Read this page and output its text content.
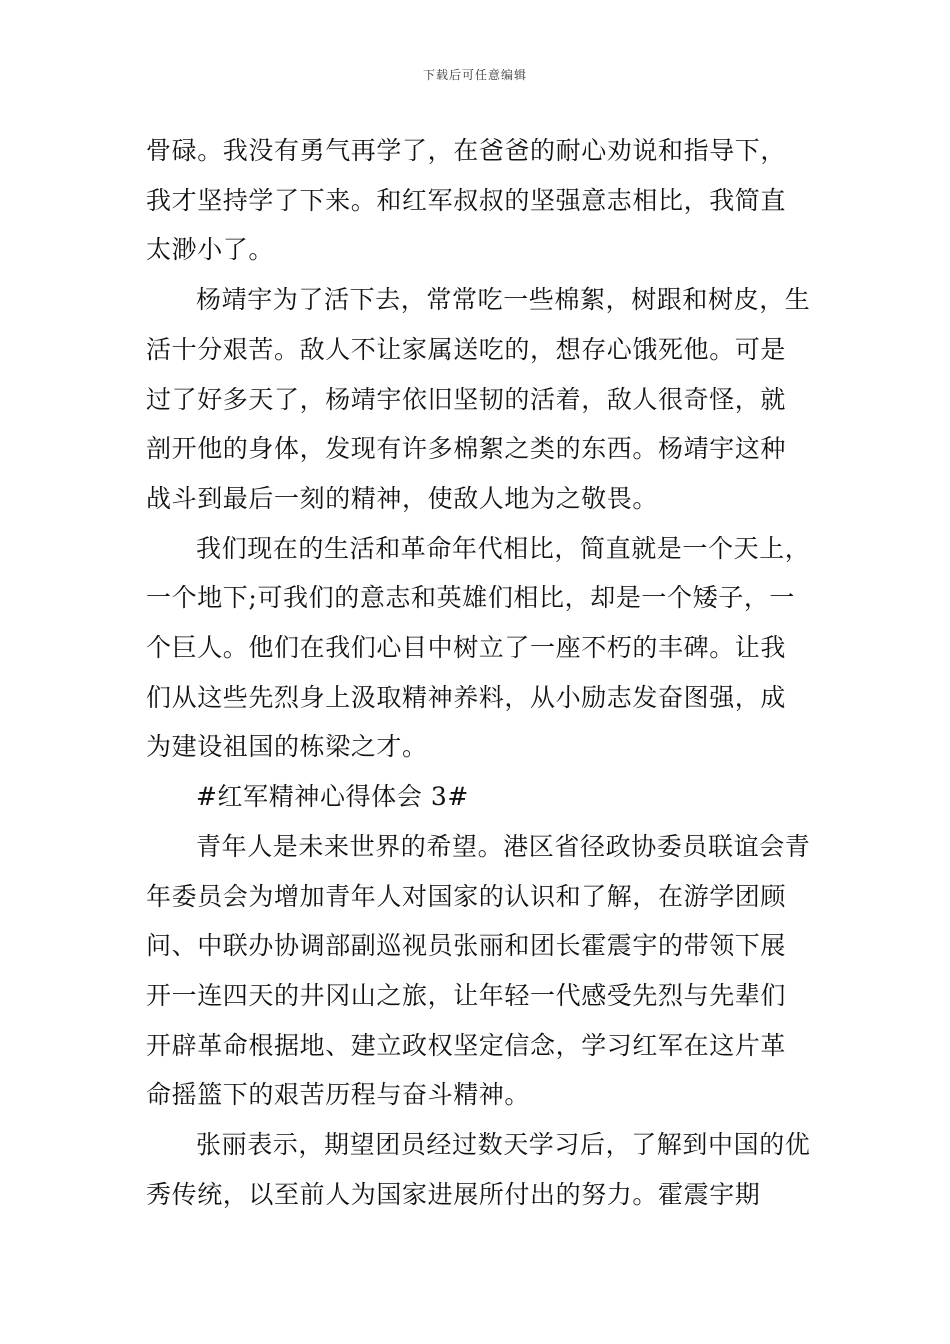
下载后可任意编辑

骨碌。我没有勇气再学了，在爸爸的耐心劝说和指导下，我才坚持学了下来。和红军叔叔的坚强意志相比，我简直太渺小了。

杨靖宇为了活下去，常常吃一些棉絮，树跟和树皮，生活十分艰苦。敌人不让家属送吃的，想存心饿死他。可是过了好多天了，杨靖宇依旧坚韧的活着，敌人很奇怪，就剖开他的身体，发现有许多棉絮之类的东西。杨靖宇这种战斗到最后一刻的精神，使敌人地为之敬畏。

我们现在的生活和革命年代相比，简直就是一个天上，一个地下;可我们的意志和英雄们相比，却是一个矮子，一个巨人。他们在我们心目中树立了一座不朽的丰碑。让我们从这些先烈身上汲取精神养料，从小励志发奋图强，成为建设祖国的栋梁之才。

#红军精神心得体会 3#

青年人是未来世界的希望。港区省径政协委员联谊会青年委员会为增加青年人对国家的认识和了解，在游学团顾问、中联办协调部副巡视员张丽和团长霍震宇的带领下展开一连四天的井冈山之旅，让年轻一代感受先烈与先辈们开辟革命根据地、建立政权坚定信念，学习红军在这片革命摇篮下的艰苦历程与奋斗精神。

张丽表示，期望团员经过数天学习后，了解到中国的优秀传统，以至前人为国家进展所付出的努力。霍震宇期
